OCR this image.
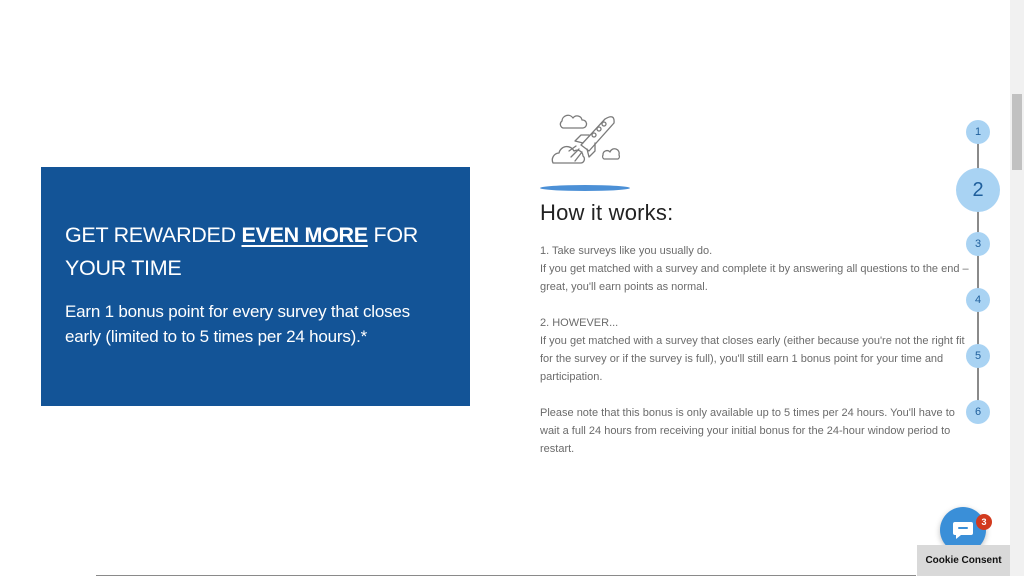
GET REWARDED EVEN MORE FOR YOUR TIME

Earn 1 bonus point for every survey that closes early (limited to to 5 times per 24 hours).*

How it works:

1. Take surveys like you usually do.

If you get matched with a survey and complete it by answering all questions to the end – great, you'll earn points as normal.

2. HOWEVER...

If you get matched with a survey that closes early (either because you're not the right fit for the survey or if the survey is full), you'll still earn 1 bonus point for your time and participation.

Please note that this bonus is only available up to 5 times per 24 hours. You'll have to wait a full 24 hours from receiving your initial bonus for the 24-hour window period to restart.

1
2
3
4
5
6
3
Cookie Consent
